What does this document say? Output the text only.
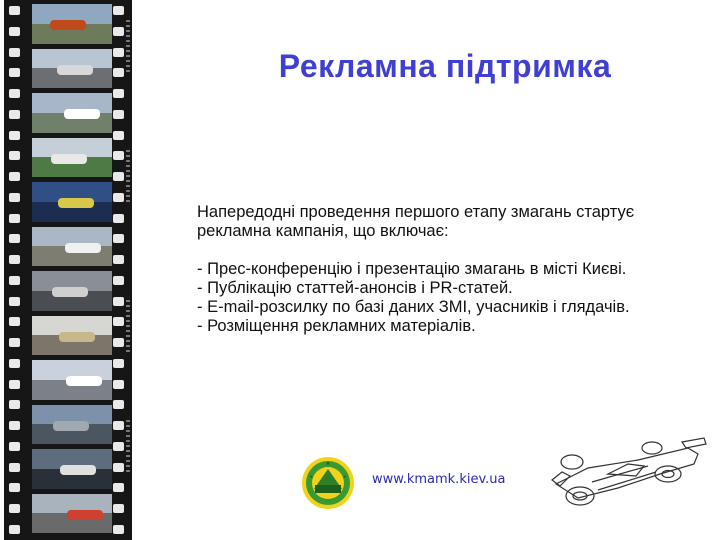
Рекламна підтримка

Напередодні проведення першого етапу змагань стартує

рекламна кампанія, що включає:

- Прес-конференцію і презентацію змагань в місті Києві.

- Публікацію статтей-анонсів і PR-статей.

- E-mail-розсилку по базі даних ЗМІ, учасників і глядачів.

- Розміщення рекламних матеріалів.

www.kmamk.kiev.ua
